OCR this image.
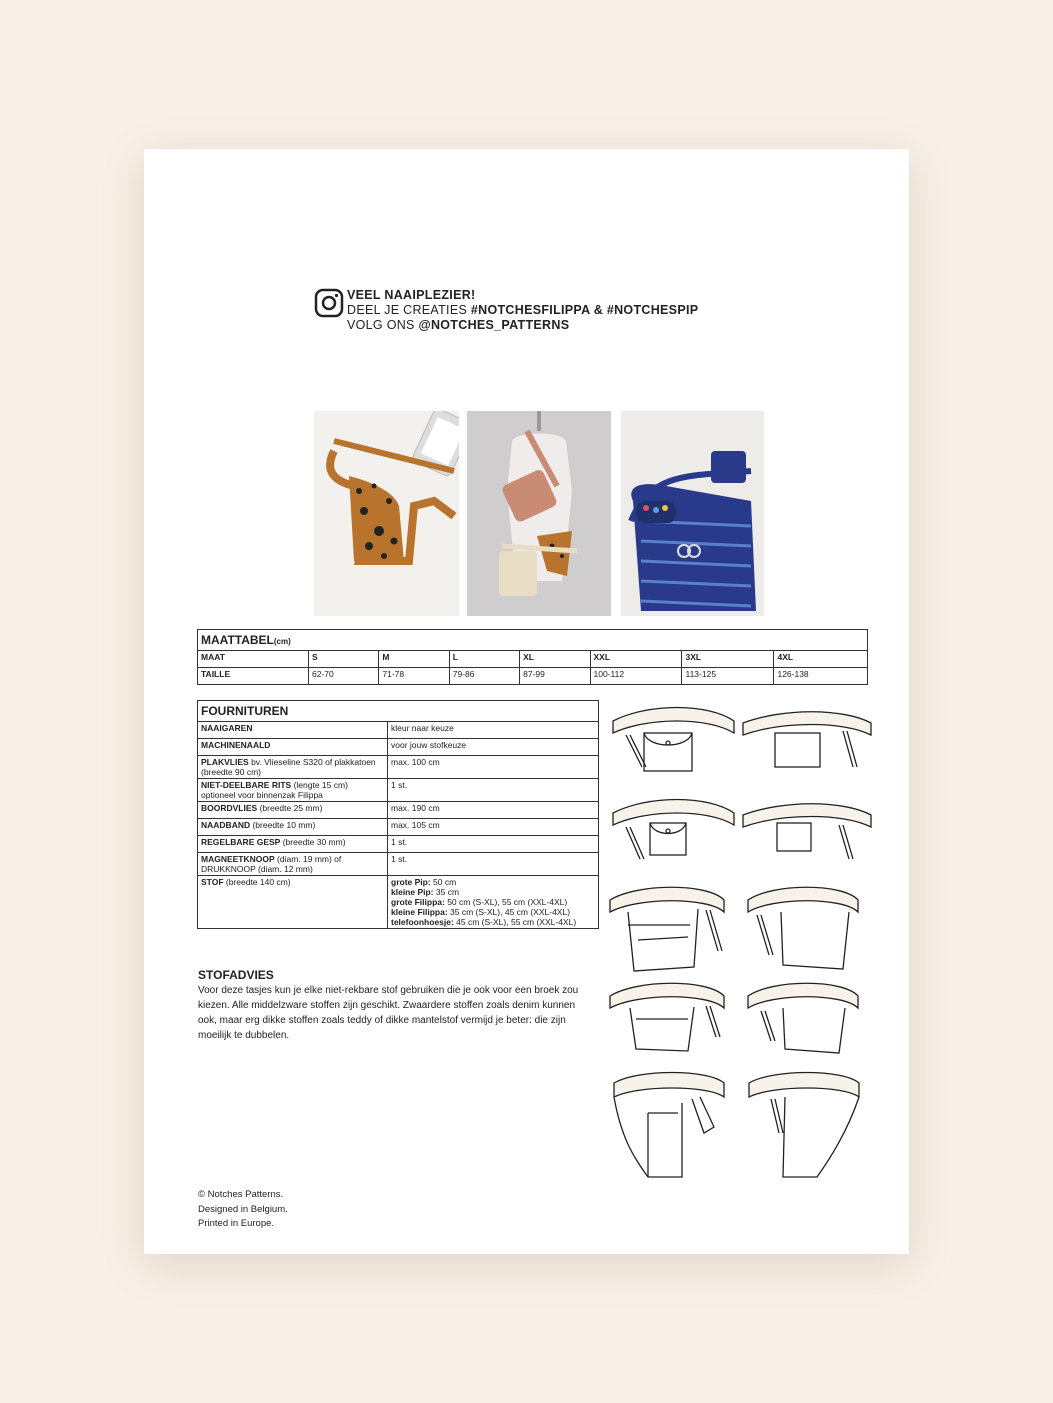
VEEL NAAIPLEZIER!
DEEL JE CREATIES #NOTCHESFILIPPA & #NOTCHESPIP
VOLG ONS @NOTCHES_PATTERNS
MAATTABEL(cm)							
MAAT	S	M	L	XL	XXL	3XL	4XL
TAILLE	62-70	71-78	79-86	87-99	100-112	113-125	126-138
FOURNITUREN	
NAAIGAREN	kleur naar keuze
MACHINENAALD	voor jouw stofkeuze
PLAKVLIES bv. Vlieseline S320 of plakkatoen (breedte 90 cm)	max. 100 cm
NIET-DEELBARE RITS (lengte 15 cm) optioneel voor binnenzak Filippa	1 st.
BOORDVLIES (breedte 25 mm)	max. 190 cm
NAADBAND (breedte 10 mm)	max. 105 cm
REGELBARE GESP (breedte 30 mm)	1 st.
MAGNEETKNOOP (diam. 19 mm) of DRUKKNOOP (diam. 12 mm)	1 st.
STOF (breedte 140 cm)	grote Pip: 50 cm
kleine Pip: 35 cm
grote Filippa: 50 cm (S-XL), 55 cm (XXL-4XL)
kleine Filippa: 35 cm (S-XL), 45 cm (XXL-4XL)
telefoonhoesje: 45 cm (S-XL), 55 cm (XXL-4XL)
STOFADVIES
Voor deze tasjes kun je elke niet-rekbare stof gebruiken die je ook voor een broek zou kiezen. Alle middelzware stoffen zijn geschikt. Zwaardere stoffen zoals denim kunnen ook, maar erg dikke stoffen zoals teddy of dikke mantelstof vermijd je beter: die zijn moeilijk te dubbelen.
© Notches Patterns.
Designed in Belgium.
Printed in Europe.
